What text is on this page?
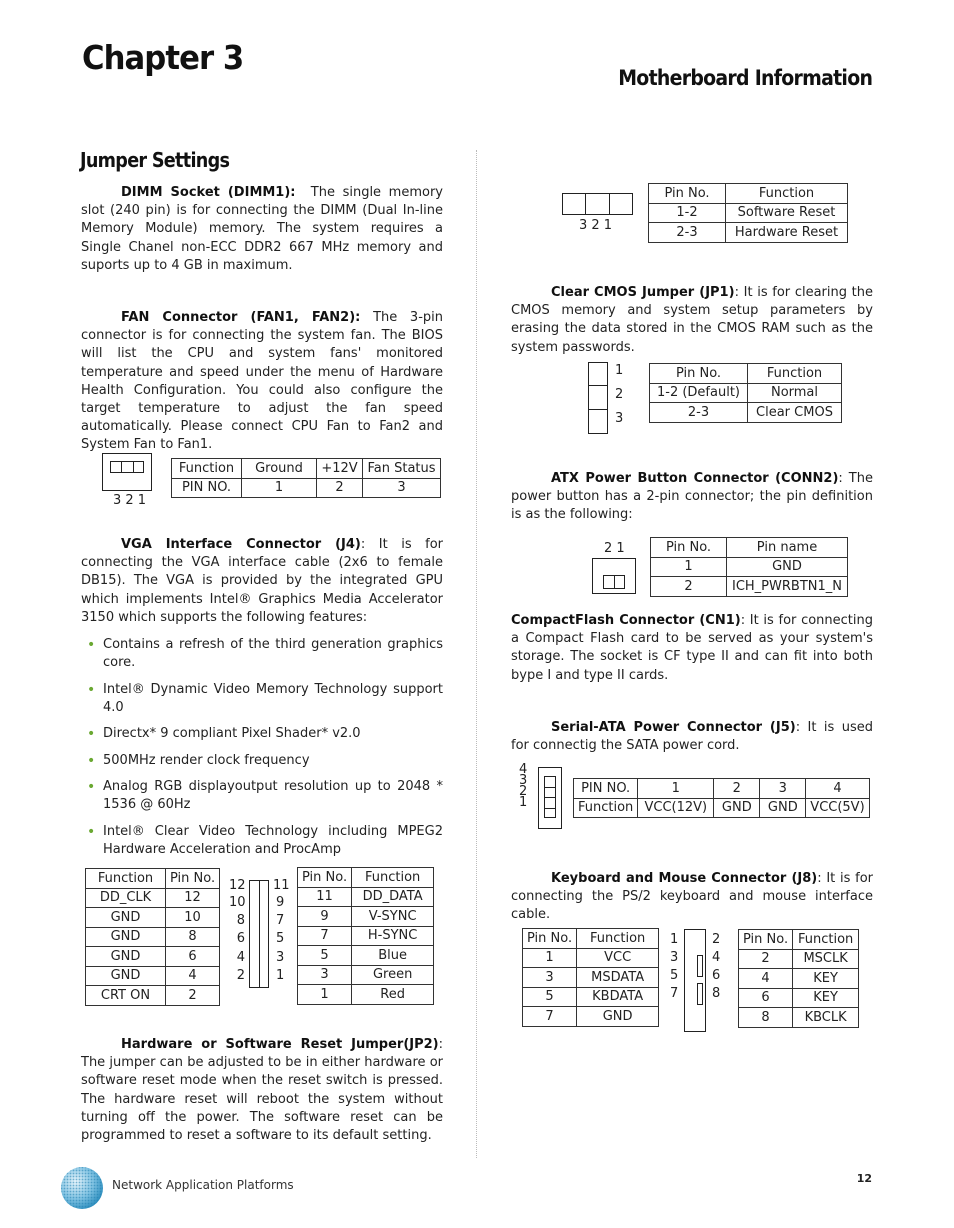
Chapter 3
Motherboard Information
Jumper Settings

DIMM Socket (DIMM1): The single memory slot (240 pin) is for connecting the DIMM (Dual In-line Memory Module) memory. The system requires a Single Chanel non-ECC DDR2 667 MHz memory and suports up to 4 GB in maximum.

FAN Connector (FAN1, FAN2): The 3-pin connector is for connecting the system fan. The BIOS will list the CPU and system fans' monitored temperature and speed under the menu of Hardware Health Configuration. You could also configure the target temperature to adjust the fan speed automatically. Please connect CPU Fan to Fan2 and System Fan to Fan1.

3 2 1
Function	Ground	+12V	Fan Status
PIN NO.	1	2	3

VGA Interface Connector (J4): It is for connecting the VGA interface cable (2x6 to female DB15). The VGA is provided by the integrated GPU which implements Intel® Graphics Media Accelerator 3150 which supports the following features:

• Contains a refresh of the third generation graphics core.
• Intel® Dynamic Video Memory Technology support 4.0
• Directx* 9 compliant Pixel Shader* v2.0
• 500MHz render clock frequency
• Analog RGB displayoutput resolution up to 2048 * 1536 @ 60Hz
• Intel® Clear Video Technology including MPEG2 Hardware Acceleration and ProcAmp
Function	Pin No.
DD_CLK	12
GND	10
GND	8
GND	6
GND	4
CRT ON	2
12
10
8
6
4
2
11
9
7
5
3
1
Pin No.	Function
11	DD_DATA
9	V-SYNC
7	H-SYNC
5	Blue
3	Green
1	Red

Hardware or Software Reset Jumper(JP2): The jumper can be adjusted to be in either hardware or software reset mode when the reset switch is pressed. The hardware reset will reboot the system without turning off the power. The software reset can be programmed to reset a software to its default setting.

3 2 1
Pin No.	Function
1-2	Software Reset
2-3	Hardware Reset

Clear CMOS Jumper (JP1): It is for clearing the CMOS memory and system setup parameters by erasing the data stored in the CMOS RAM such as the system passwords.

1
2
3
Pin No.	Function
1-2 (Default)	Normal
2-3	Clear CMOS

ATX Power Button Connector (CONN2): The power button has a 2-pin connector; the pin definition is as the following:

2 1	Pin No.	Pin name
1	GND
2	ICH_PWRBTN1_N

CompactFlash Connector (CN1): It is for connecting a Compact Flash card to be served as your system's storage. The socket is CF type II and can fit into both bype I and type II cards.

Serial-ATA Power Connector (J5): It is used for connectig the SATA power cord.

4
3
2
1
PIN NO.	1	2	3	4
Function	VCC(12V)	GND	GND	VCC(5V)

Keyboard and Mouse Connector (J8): It is for connecting the PS/2 keyboard and mouse interface cable.

Pin No.	Function
1	VCC
3	MSDATA
5	KBDATA
7	GND
1
3
5
7
2
4
6
8
Pin No.	Function
2	MSCLK
4	KEY
6	KEY
8	KBCLK
Network Application Platforms	12
